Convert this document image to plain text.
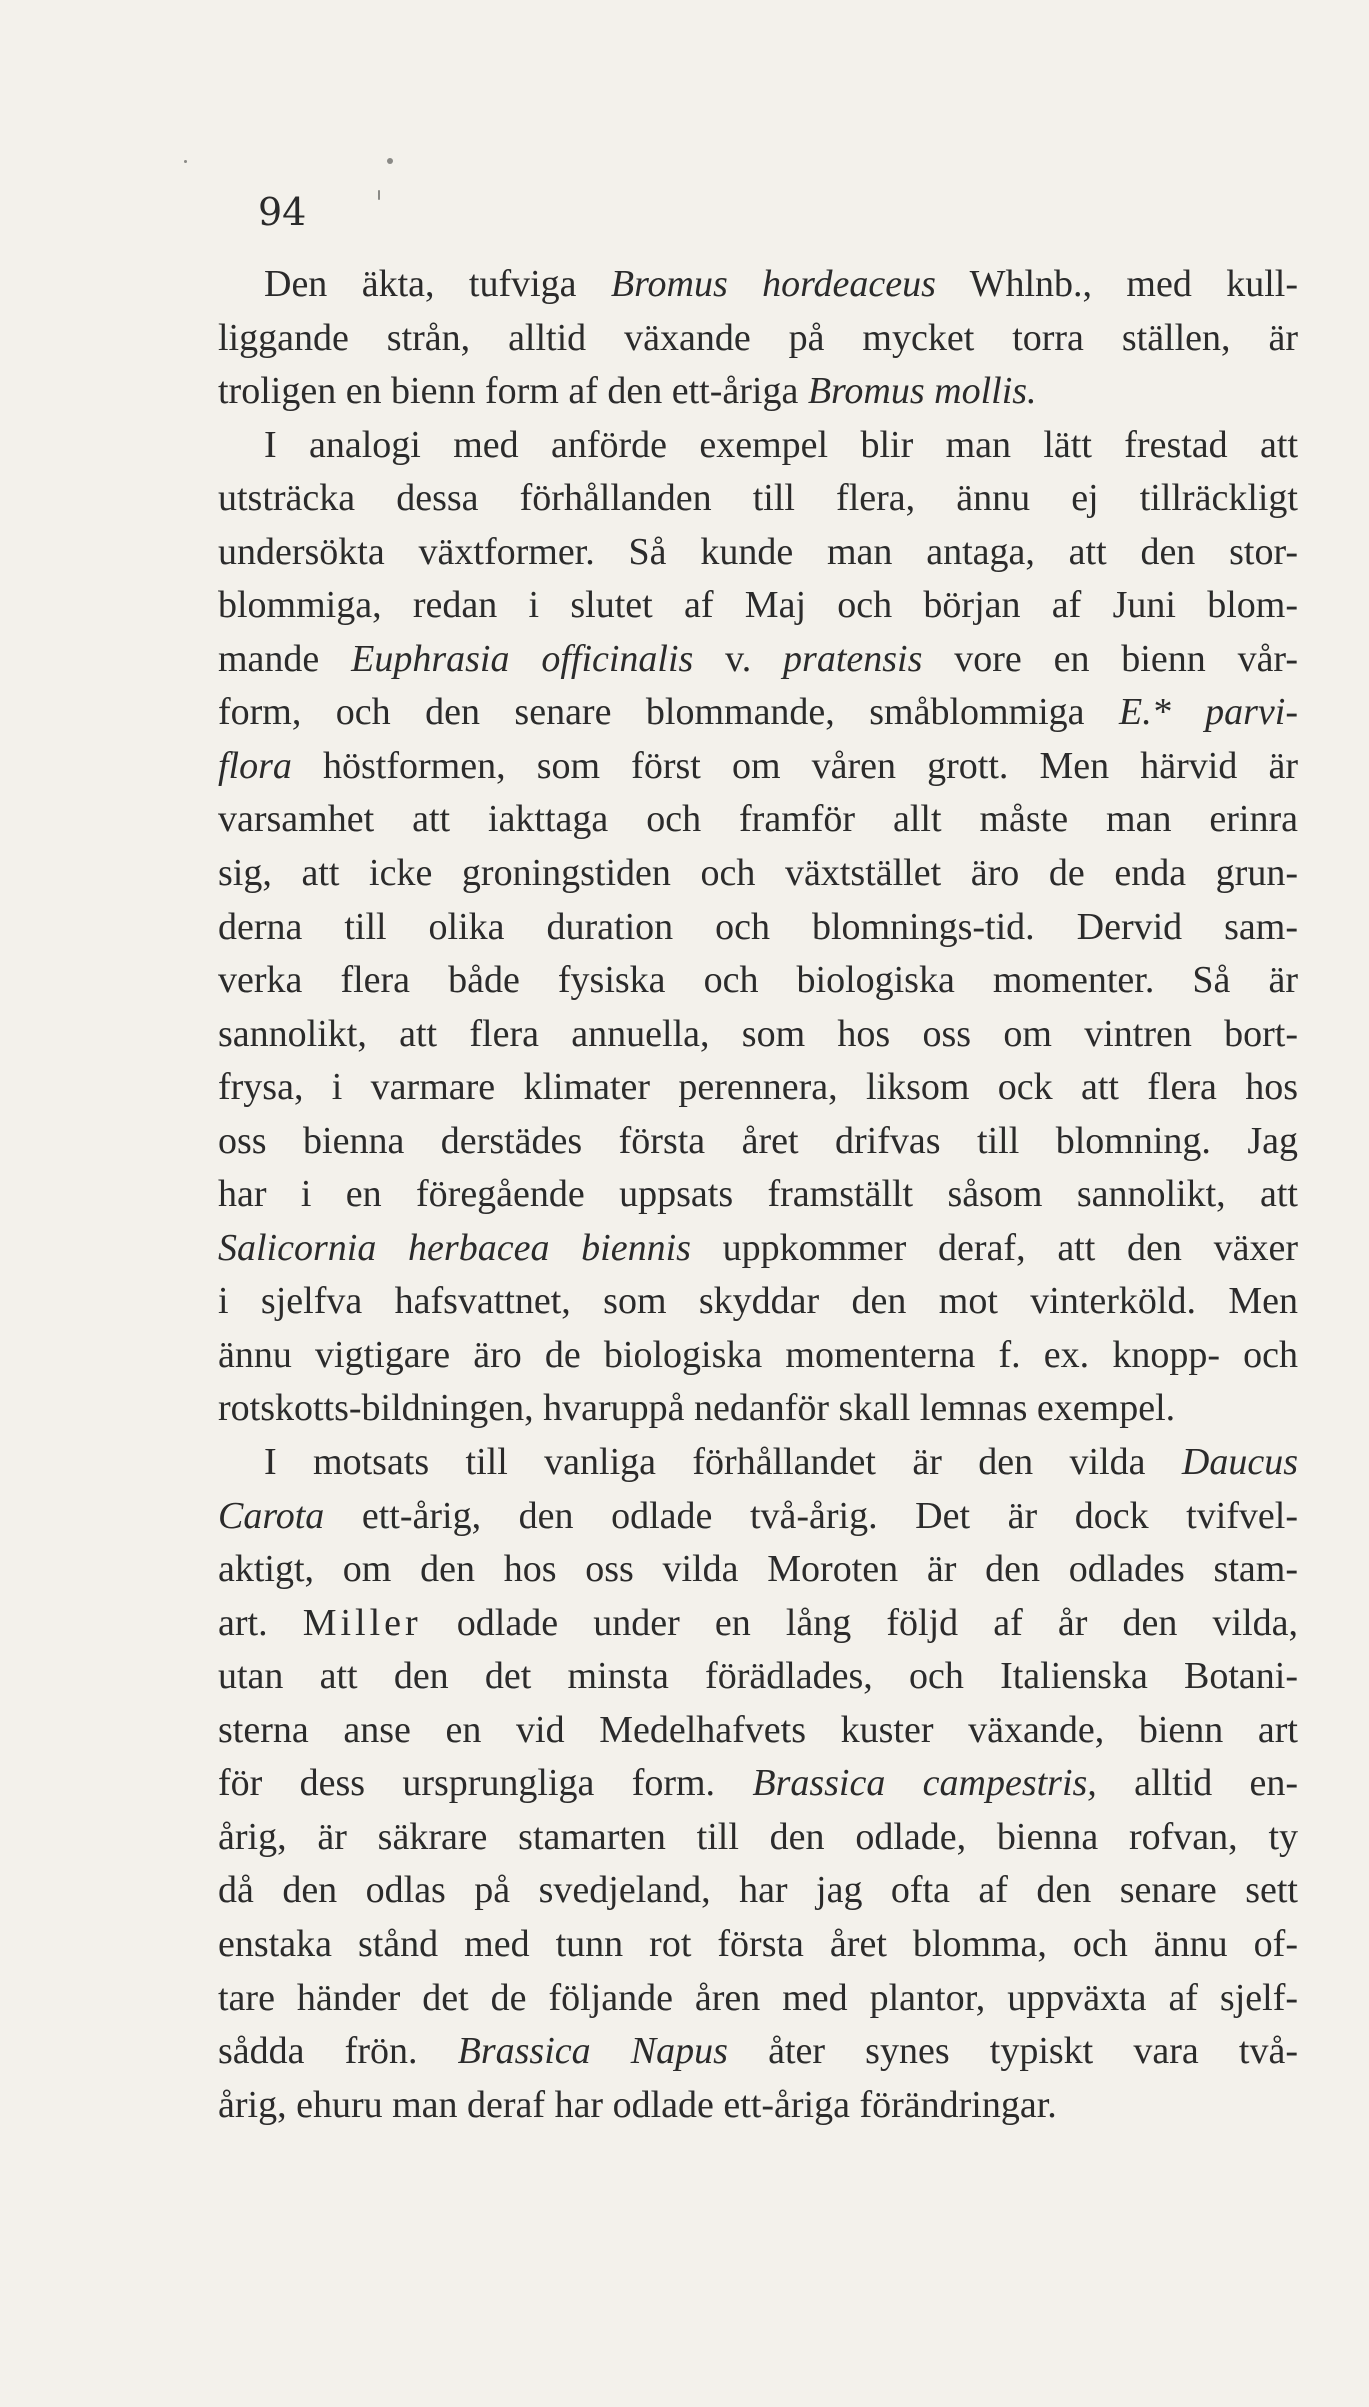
94
Den äkta, tufviga Bromus hordeaceus Whlnb., med kull-
liggande strån, alltid växande på mycket torra ställen, är
troligen en bienn form af den ett-åriga Bromus mollis.
I analogi med anförde exempel blir man lätt frestad att
utsträcka dessa förhållanden till flera, ännu ej tillräckligt
undersökta växtformer. Så kunde man antaga, att den stor-
blommiga, redan i slutet af Maj och början af Juni blom-
mande Euphrasia officinalis v. pratensis vore en bienn vår-
form, och den senare blommande, småblommiga E.* parvi-
flora höstformen, som först om våren grott. Men härvid är
varsamhet att iakttaga och framför allt måste man erinra
sig, att icke groningstiden och växtstället äro de enda grun-
derna till olika duration och blomnings-tid. Dervid sam-
verka flera både fysiska och biologiska momenter. Så är
sannolikt, att flera annuella, som hos oss om vintren bort-
frysa, i varmare klimater perennera, liksom ock att flera hos
oss bienna derstädes första året drifvas till blomning. Jag
har i en föregående uppsats framställt såsom sannolikt, att
Salicornia herbacea biennis uppkommer deraf, att den växer
i sjelfva hafsvattnet, som skyddar den mot vinterköld. Men
ännu vigtigare äro de biologiska momenterna f. ex. knopp- och
rotskotts-bildningen, hvaruppå nedanför skall lemnas exempel.
I motsats till vanliga förhållandet är den vilda Daucus
Carota ett-årig, den odlade två-årig. Det är dock tvifvel-
aktigt, om den hos oss vilda Moroten är den odlades stam-
art. Miller odlade under en lång följd af år den vilda,
utan att den det minsta förädlades, och Italienska Botani-
sterna anse en vid Medelhafvets kuster växande, bienn art
för dess ursprungliga form. Brassica campestris, alltid en-
årig, är säkrare stamarten till den odlade, bienna rofvan, ty
då den odlas på svedjeland, har jag ofta af den senare sett
enstaka stånd med tunn rot första året blomma, och ännu of-
tare händer det de följande åren med plantor, uppväxta af sjelf-
sådda frön. Brassica Napus åter synes typiskt vara två-
årig, ehuru man deraf har odlade ett-åriga förändringar.
